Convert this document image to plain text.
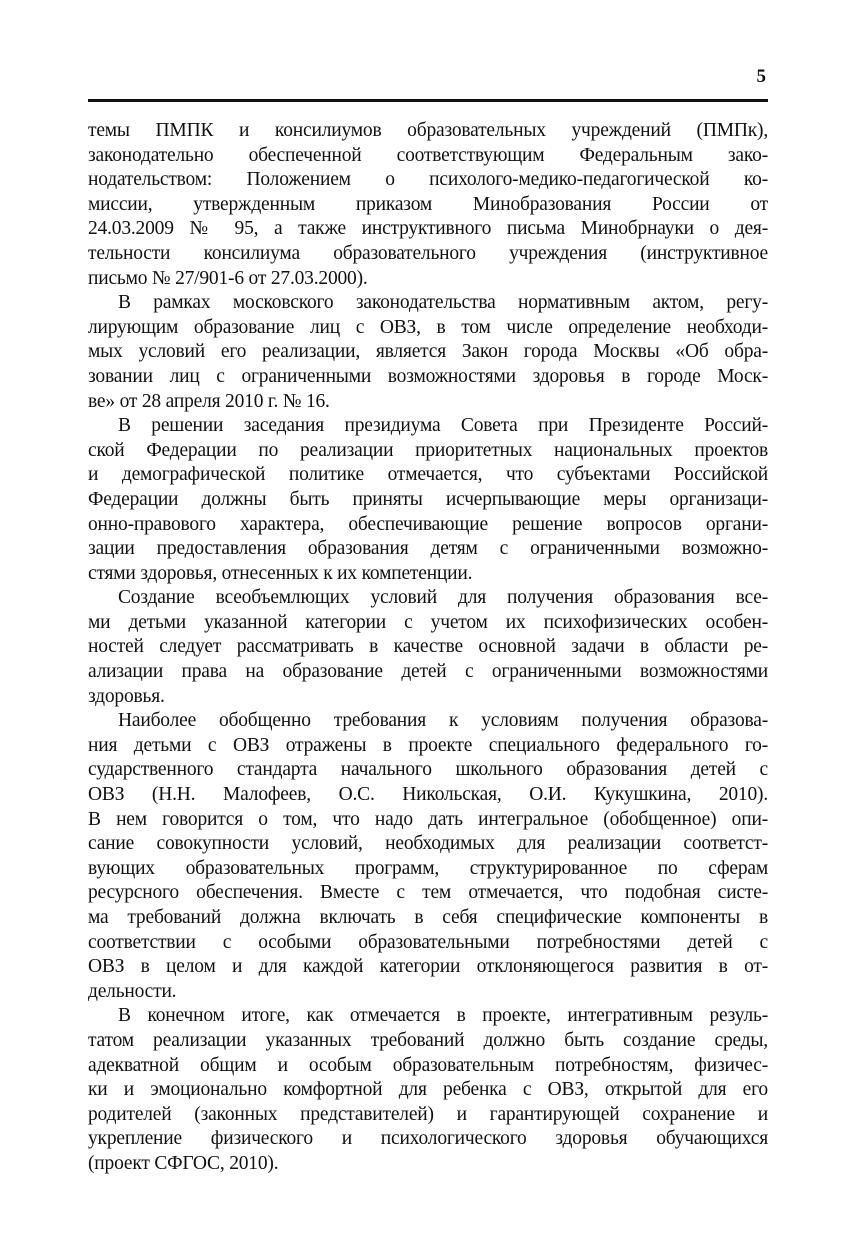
5
темы ПМПК и консилиумов образовательных учреждений (ПМПк),
законодательно обеспеченной соответствующим Федеральным зако-
нодательством: Положением о психолого-медико-педагогической ко-
миссии, утвержденным приказом Минобразования России от
24.03.2009 № 95, а также инструктивного письма Минобрнауки о дея-
тельности консилиума образовательного учреждения (инструктивное
письмо № 27/901-6 от 27.03.2000).
В рамках московского законодательства нормативным актом, регу-
лирующим образование лиц с ОВЗ, в том числе определение необходи-
мых условий его реализации, является Закон города Москвы «Об обра-
зовании лиц с ограниченными возможностями здоровья в городе Моск-
ве» от 28 апреля 2010 г. № 16.
В решении заседания президиума Совета при Президенте Россий-
ской Федерации по реализации приоритетных национальных проектов
и демографической политике отмечается, что субъектами Российской
Федерации должны быть приняты исчерпывающие меры организаци-
онно-правового характера, обеспечивающие решение вопросов органи-
зации предоставления образования детям с ограниченными возможно-
стями здоровья, отнесенных к их компетенции.
Создание всеобъемлющих условий для получения образования все-
ми детьми указанной категории с учетом их психофизических особен-
ностей следует рассматривать в качестве основной задачи в области ре-
ализации права на образование детей с ограниченными возможностями
здоровья.
Наиболее обобщенно требования к условиям получения образова-
ния детьми с ОВЗ отражены в проекте специального федерального го-
сударственного стандарта начального школьного образования детей с
ОВЗ (Н.Н. Малофеев, О.С. Никольская, О.И. Кукушкина, 2010).
В нем говорится о том, что надо дать интегральное (обобщенное) опи-
сание совокупности условий, необходимых для реализации соответст-
вующих образовательных программ, структурированное по сферам
ресурсного обеспечения. Вместе с тем отмечается, что подобная систе-
ма требований должна включать в себя специфические компоненты в
соответствии с особыми образовательными потребностями детей с
ОВЗ в целом и для каждой категории отклоняющегося развития в от-
дельности.
В конечном итоге, как отмечается в проекте, интегративным резуль-
татом реализации указанных требований должно быть создание среды,
адекватной общим и особым образовательным потребностям, физичес-
ки и эмоционально комфортной для ребенка с ОВЗ, открытой для его
родителей (законных представителей) и гарантирующей сохранение и
укрепление физического и психологического здоровья обучающихся
(проект СФГОС, 2010).
